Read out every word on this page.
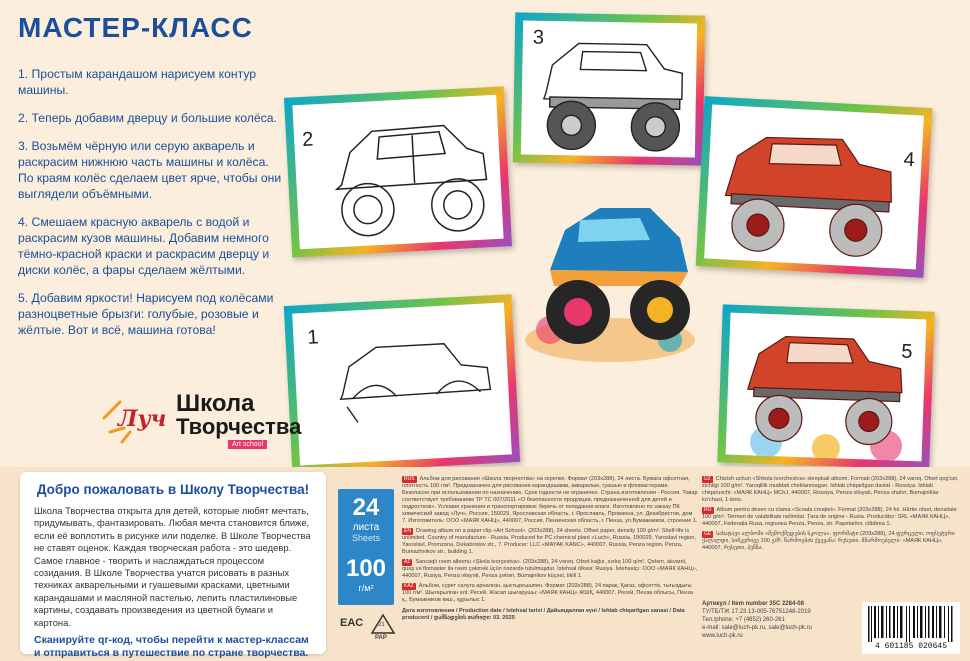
МАСТЕР-КЛАСС

1. Простым карандашом нарисуем контур машины.

2. Теперь добавим дверцу и большие колёса.

3. Возьмём чёрную или серую акварель и раскрасим нижнюю часть машины и колёса. По краям колёс сделаем цвет ярче, чтобы они выглядели объёмными.

4. Смешаем красную акварель с водой и раскрасим кузов машины. Добавим немного тёмно-красной краски и раскрасим дверцу и диски колёс, а фары сделаем жёлтыми.

5. Добавим яркости! Нарисуем под колёсами разноцветные брызги: голубые, розовые и жёлтые. Вот и всё, машина готова!

2
3
4
1
5
Луч
Школа
Творчества
Art school
Добро пожаловать в Школу Творчества!
Школа Творчества открыта для детей, которые любят мечтать, придумывать, фантазировать. Любая мечта становится ближе, если её воплотить в рисунке или поделке. В Школе Творчества не ставят оценок. Каждая творческая работа - это шедевр. Самое главное - творить и наслаждаться процессом созидания. В Школе Творчества учатся рисовать в разных техниках акварельными и гуашевыми красками, цветными карандашами и масляной пастелью, лепить пластилиновые картины, создавать произведения из цветной бумаги и картона.
Сканируйте qr-код, чтобы перейти к мастер-классам и отправиться в путешествие по стране творчества.
24
листа
Sheets
100
г/м²
EAC 21
PAP

RUS Альбом для рисования «Школа творчества» на скрепке. Формат (203x288), 24 листа. Бумага офсетная, плотность 100 г/м². Предназначен для рисования карандашами, акварелью, гуашью и фломастерами. Безопасно при использовании по назначению. Срок годности не ограничен. Страна изготовления - Россия. Товар соответствует требованиям ТР ТС 007/2011 «О безопасности продукции, предназначенной для детей и подростков». Условия хранения и транспортировки: беречь от попадания влаги. Изготовлено по заказу ПК химический завод «Луч», Россия, 150029, Ярославская область, г. Ярославль, Промзона, ул. Декабристов, дом 7. Изготовитель: ООО «МАЯК КАНЦ», 440007, Россия, Пензенская область, г. Пенза, ул.Бумажников, строение 1.

EN Drawing album on a paper clip «Art School». (203x288), 24 sheets. Offset paper, density 100 g/m². Shelf-life is unlimited. Country of manufacture - Russia. Produced for PC chemical plant «Luch», Russia, 150029, Yaroslavl region, Yaroslavl, Promzona, Dekabristov str., 7. Producer: LLC «MAYAK KANC», 440007, Russia, Penza region, Penza, Bumazhnikov str., building 1.

AZ Sancaqlı rəsm albomu «Şkola tvorçestva». (203x288), 24 vərəq. Ofset kağız, sıxlıq 100 q/m². Qələm, akvarel, quaş və flomaster ilə rəsm çəkmək üçün nəzərdə tutulmuşdur. İstehsal ölkəsi: Rusiya. İstehsalçı: ООО «МАЯК КАНЦ», 440007, Rusiya, Penza vilayəti, Penza şəhəri, Bumajnikov küçəsi, tikili 1.

KAZ Альбом, сурет салуға арналған, қыстырғышпен. Формат (203x288), 24 парақ. Қағаз, офсеттік, тығыздығы 100 г/м². Шығарылған елі: Ресей. Жасап шығарушы: «МАЯК КАНЦ» ЖШҚ, 440007, Ресей, Пенза облысы, Пенза қ., Бумажников көш., құрылыс 1.

Дата изготовления / Production date / Istehsal tarixi / Дайындалған күні / Ishlab chiqarilgan sanasi / Data producerii / დამზადების თარიღი: 03. 2025

UZ Chizish uchun «Shkola tvorchestva» skrepkali albomi. Formati (203x288), 24 varoq. Ofset qog'ozi, zichligi 100 g/m². Yaroqlilik muddati cheklanmagan. Ishlab chiqarilgan davlat - Rossiya. Ishlab chiqaruvchi: «МАЯК КАНЦ» MChJ, 440007, Rossiya, Penza viloyati, Penza shahri, Bumajniklar ko'chasi, 1-bino.

RO Album pentru desen cu clama «Scoala creației». Format (203x288), 24 foi. Hârtie ofset, densitate 100 g/m². Termen de valabilitate nelimitat. Țara de origine - Rusia. Producător: SRL «МАЯК КАНЦ», 440007, Federația Rusa, regiunea Penza, Penza, str. Papetarilor, clădirea 1.

GE სახატავი ალბომი «შემოქმედების სკოლა». ფორმატი (203x288), 24 ფურცელი. ოფსეტური ქაღალდი, სიმკვრივე 100 გ/მ². წარმოების ქვეყანა: რუსეთი. მწარმოებელი: «МАЯК КАНЦ», 440007, რუსეთი, პენზა.

Артикул / Item number 35С 2284-08

ТУ/ТБ/ТЖ 17.23.13-005-76751248-2019

Тел./phone: +7 (4852) 260-261

e-mail: sale@luch-pk.ru, sale@luch-pk.ru

www.luch-pk.ru

4 601185 020645
